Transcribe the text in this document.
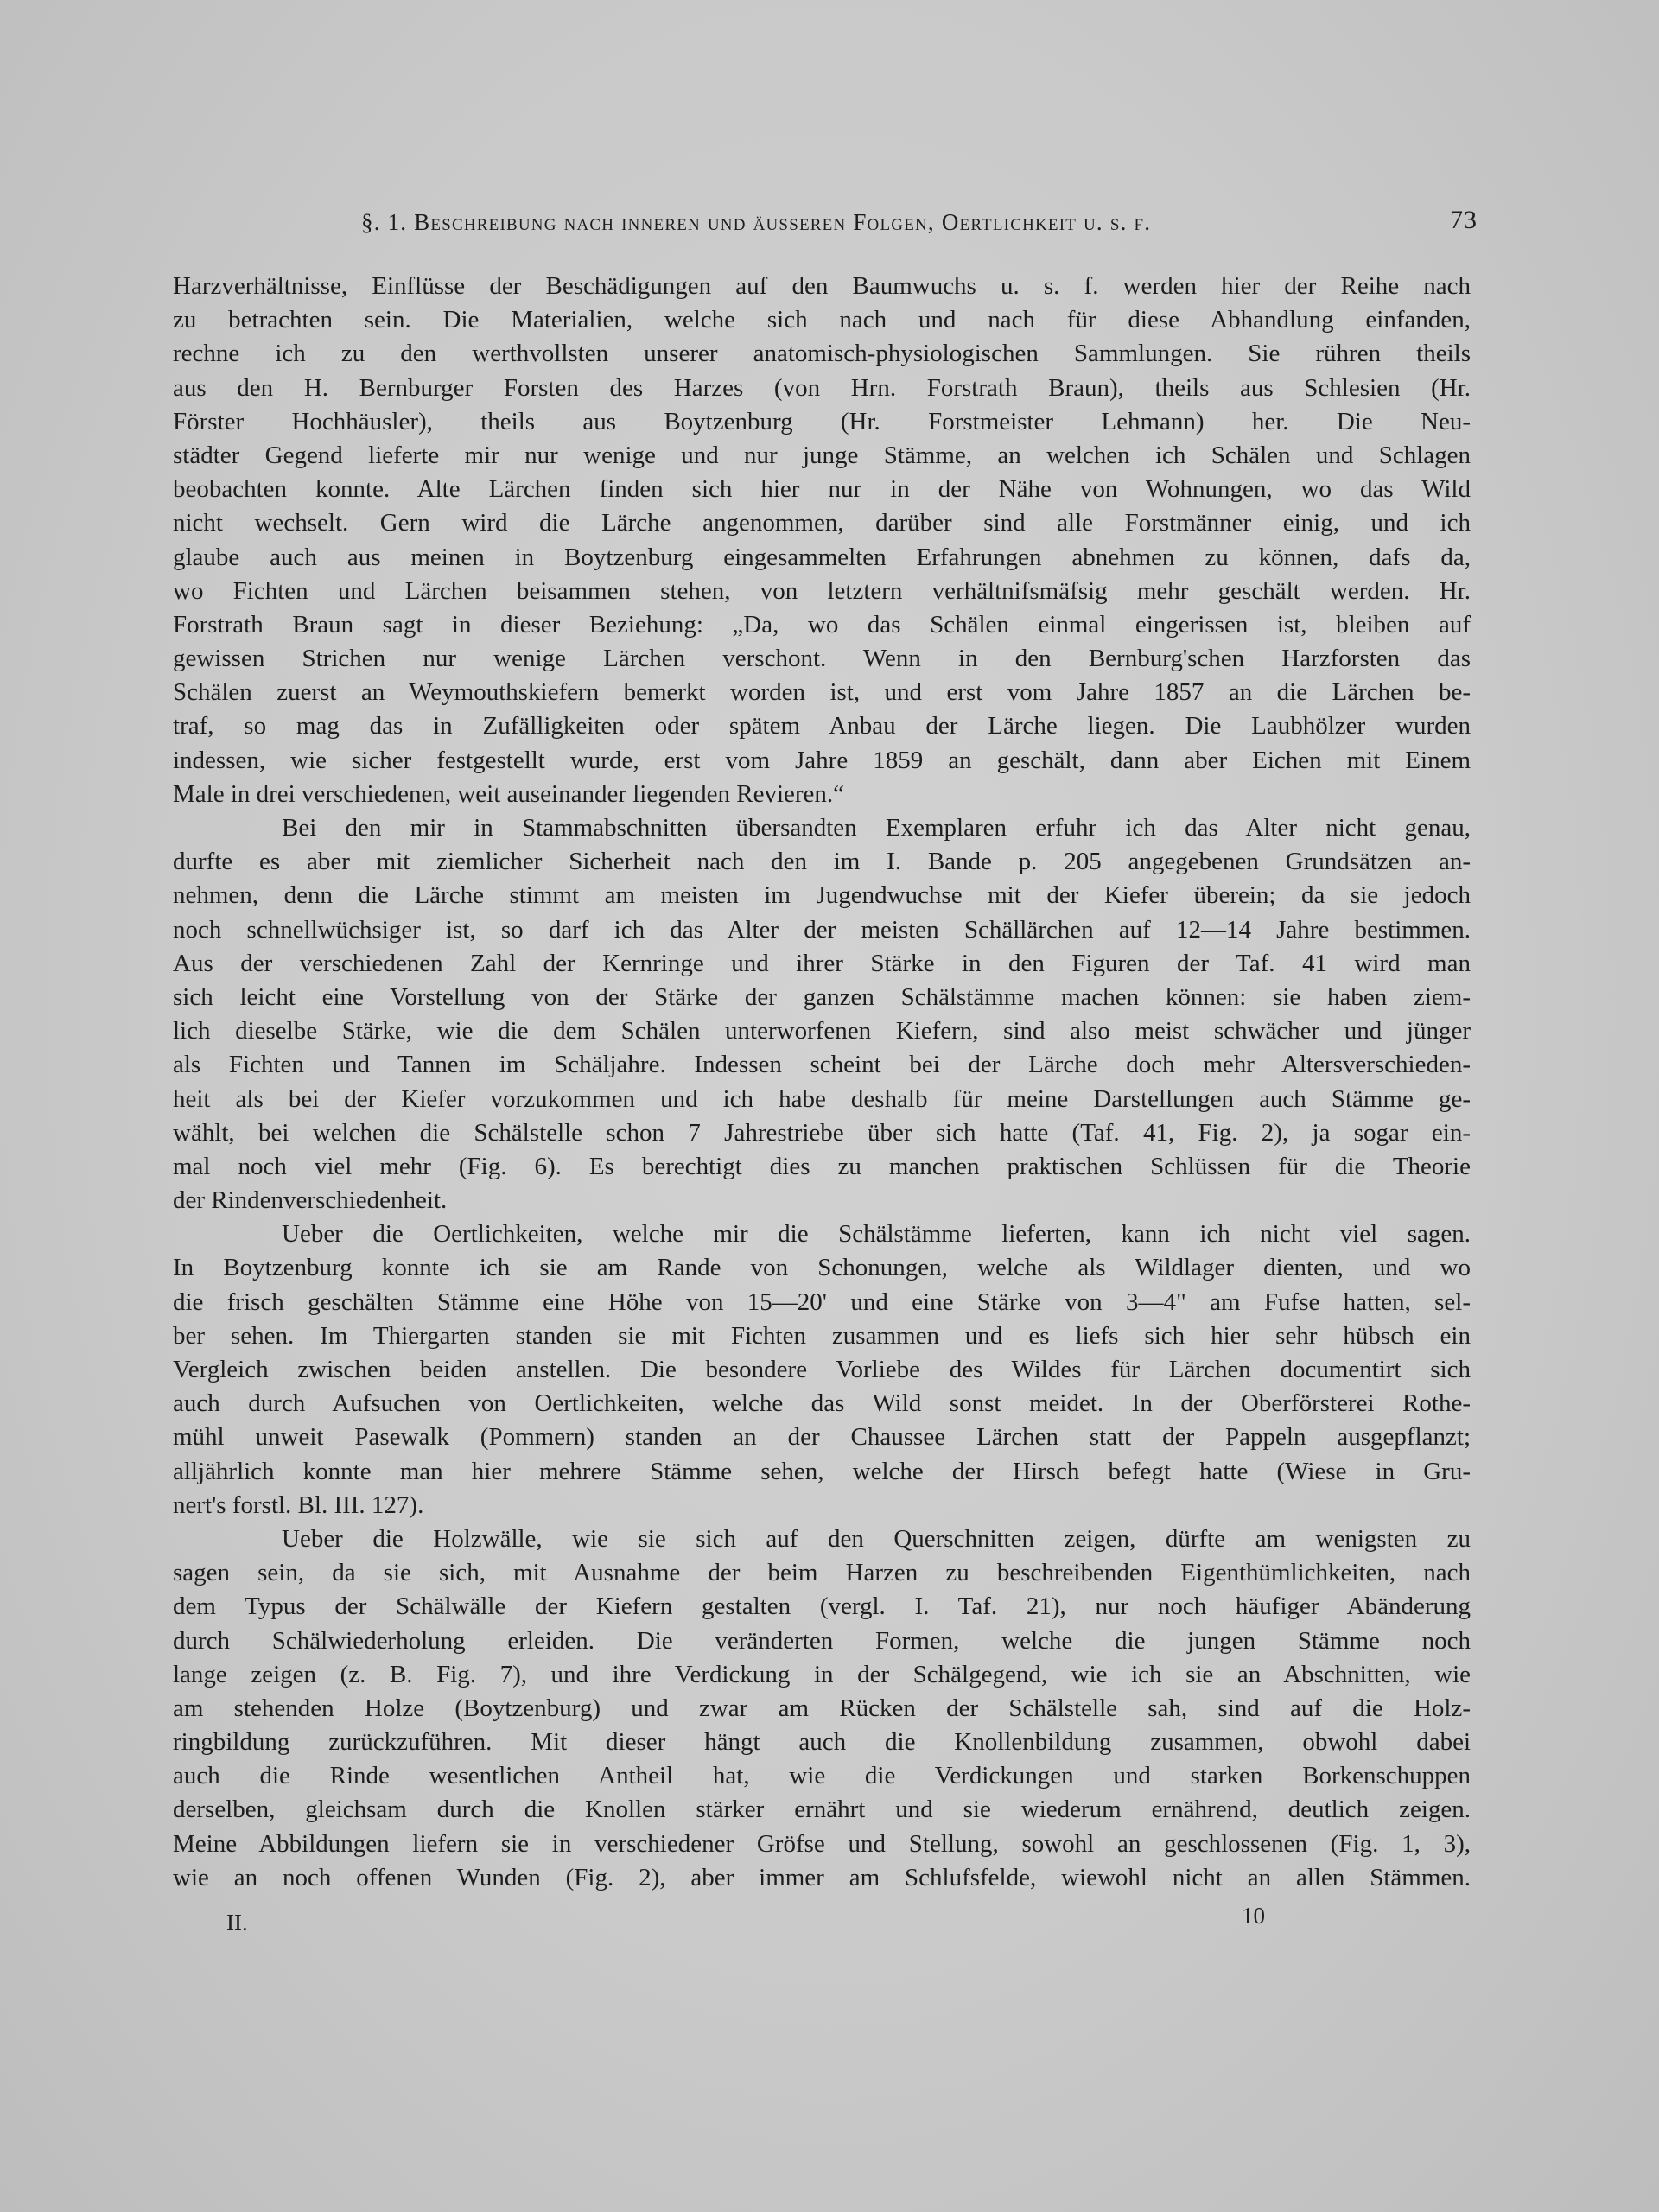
§. 1. Beschreibung nach inneren und äusseren Folgen, Oertlichkeit u. s. f.	73
Harzverhältnisse, Einflüsse der Beschädigungen auf den Baumwuchs u. s. f. werden hier der Reihe nach
zu betrachten sein. Die Materialien, welche sich nach und nach für diese Abhandlung einfanden,
rechne ich zu den werthvollsten unserer anatomisch-physiologischen Sammlungen. Sie rühren theils
aus den H. Bernburger Forsten des Harzes (von Hrn. Forstrath Braun), theils aus Schlesien (Hr.
Förster Hochhäusler), theils aus Boytzenburg (Hr. Forstmeister Lehmann) her. Die Neu-
städter Gegend lieferte mir nur wenige und nur junge Stämme, an welchen ich Schälen und Schlagen
beobachten konnte. Alte Lärchen finden sich hier nur in der Nähe von Wohnungen, wo das Wild
nicht wechselt. Gern wird die Lärche angenommen, darüber sind alle Forstmänner einig, und ich
glaube auch aus meinen in Boytzenburg eingesammelten Erfahrungen abnehmen zu können, dafs da,
wo Fichten und Lärchen beisammen stehen, von letztern verhältnifsmäfsig mehr geschält werden. Hr.
Forstrath Braun sagt in dieser Beziehung: „Da, wo das Schälen einmal eingerissen ist, bleiben auf
gewissen Strichen nur wenige Lärchen verschont. Wenn in den Bernburg'schen Harzforsten das
Schälen zuerst an Weymouthskiefern bemerkt worden ist, und erst vom Jahre 1857 an die Lärchen be-
traf, so mag das in Zufälligkeiten oder spätem Anbau der Lärche liegen. Die Laubhölzer wurden
indessen, wie sicher festgestellt wurde, erst vom Jahre 1859 an geschält, dann aber Eichen mit Einem
Male in drei verschiedenen, weit auseinander liegenden Revieren.“
Bei den mir in Stammabschnitten übersandten Exemplaren erfuhr ich das Alter nicht genau,
durfte es aber mit ziemlicher Sicherheit nach den im I. Bande p. 205 angegebenen Grundsätzen an-
nehmen, denn die Lärche stimmt am meisten im Jugendwuchse mit der Kiefer überein; da sie jedoch
noch schnellwüchsiger ist, so darf ich das Alter der meisten Schällärchen auf 12—14 Jahre bestimmen.
Aus der verschiedenen Zahl der Kernringe und ihrer Stärke in den Figuren der Taf. 41 wird man
sich leicht eine Vorstellung von der Stärke der ganzen Schälstämme machen können: sie haben ziem-
lich dieselbe Stärke, wie die dem Schälen unterworfenen Kiefern, sind also meist schwächer und jünger
als Fichten und Tannen im Schäljahre. Indessen scheint bei der Lärche doch mehr Altersverschieden-
heit als bei der Kiefer vorzukommen und ich habe deshalb für meine Darstellungen auch Stämme ge-
wählt, bei welchen die Schälstelle schon 7 Jahrestriebe über sich hatte (Taf. 41, Fig. 2), ja sogar ein-
mal noch viel mehr (Fig. 6). Es berechtigt dies zu manchen praktischen Schlüssen für die Theorie
der Rindenverschiedenheit.
Ueber die Oertlichkeiten, welche mir die Schälstämme lieferten, kann ich nicht viel sagen.
In Boytzenburg konnte ich sie am Rande von Schonungen, welche als Wildlager dienten, und wo
die frisch geschälten Stämme eine Höhe von 15—20' und eine Stärke von 3—4" am Fufse hatten, sel-
ber sehen. Im Thiergarten standen sie mit Fichten zusammen und es liefs sich hier sehr hübsch ein
Vergleich zwischen beiden anstellen. Die besondere Vorliebe des Wildes für Lärchen documentirt sich
auch durch Aufsuchen von Oertlichkeiten, welche das Wild sonst meidet. In der Oberförsterei Rothe-
mühl unweit Pasewalk (Pommern) standen an der Chaussee Lärchen statt der Pappeln ausgepflanzt;
alljährlich konnte man hier mehrere Stämme sehen, welche der Hirsch befegt hatte (Wiese in Gru-
nert's forstl. Bl. III. 127).
Ueber die Holzwälle, wie sie sich auf den Querschnitten zeigen, dürfte am wenigsten zu
sagen sein, da sie sich, mit Ausnahme der beim Harzen zu beschreibenden Eigenthümlichkeiten, nach
dem Typus der Schälwälle der Kiefern gestalten (vergl. I. Taf. 21), nur noch häufiger Abänderung
durch Schälwiederholung erleiden. Die veränderten Formen, welche die jungen Stämme noch
lange zeigen (z. B. Fig. 7), und ihre Verdickung in der Schälgegend, wie ich sie an Abschnitten, wie
am stehenden Holze (Boytzenburg) und zwar am Rücken der Schälstelle sah, sind auf die Holz-
ringbildung zurückzuführen. Mit dieser hängt auch die Knollenbildung zusammen, obwohl dabei
auch die Rinde wesentlichen Antheil hat, wie die Verdickungen und starken Borkenschuppen
derselben, gleichsam durch die Knollen stärker ernährt und sie wiederum ernährend, deutlich zeigen.
Meine Abbildungen liefern sie in verschiedener Gröfse und Stellung, sowohl an geschlossenen (Fig. 1, 3),
wie an noch offenen Wunden (Fig. 2), aber immer am Schlufsfelde, wiewohl nicht an allen Stämmen.
II.	10
